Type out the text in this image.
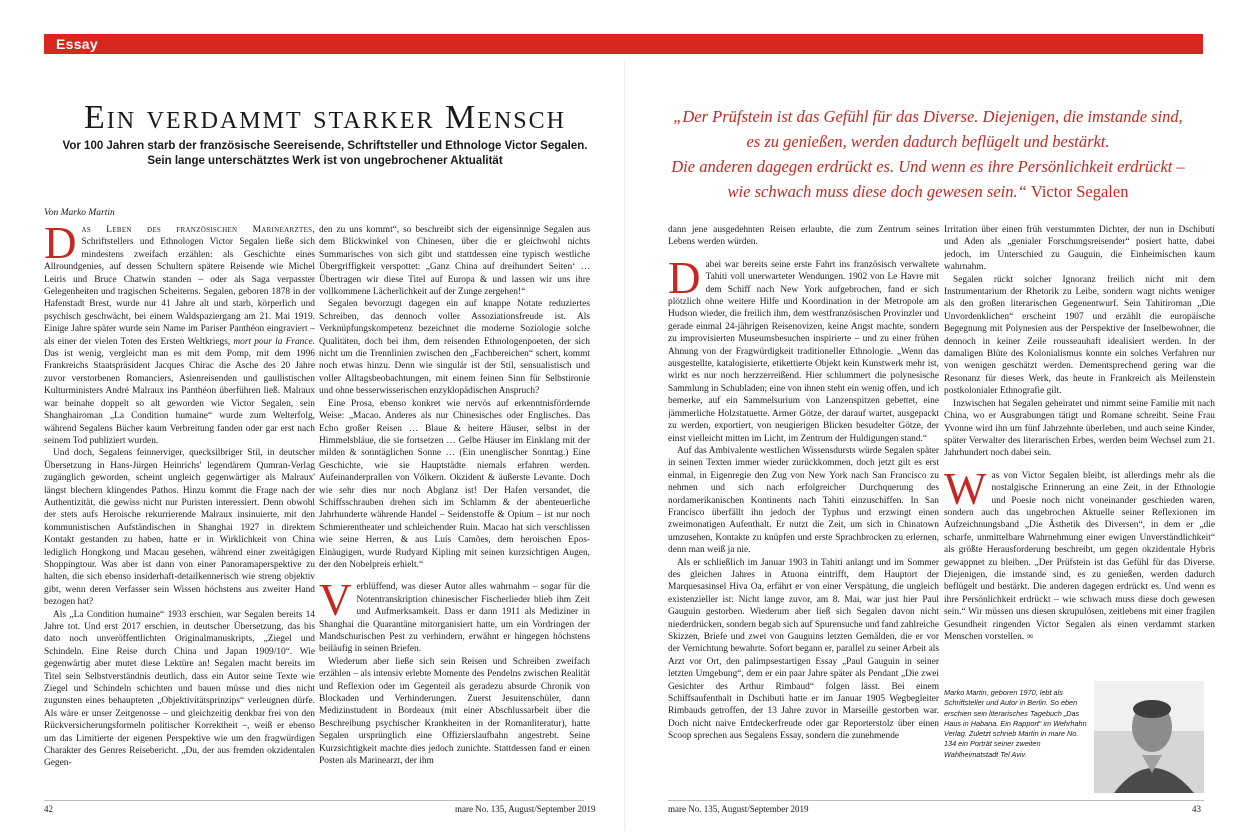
Essay
Ein verdammt starker Mensch
Vor 100 Jahren starb der französische Seereisende, Schriftsteller und Ethnologe Victor Segalen.
Sein lange unterschätztes Werk ist von ungebrochener Aktualität
„Der Prüfstein ist das Gefühl für das Diverse. Diejenigen, die imstande sind,
es zu genießen, werden dadurch beflügelt und bestärkt.
Die anderen dagegen erdrückt es. Und wenn es ihre Persönlichkeit erdrückt –
wie schwach muss diese doch gewesen sein.“ Victor Segalen
Von Marko Martin

Das Leben des französischen Marinearztes, Schriftstellers und Ethnologen Victor Segalen ließe sich mindestens zweifach erzählen: als Geschichte eines Allroundgenies, auf dessen Schultern spätere Reisende wie Michel Leiris und Bruce Chatwin standen – oder als Saga verpasster Gelegenheiten und tragischen Scheiterns. Segalen, geboren 1878 in der Hafenstadt Brest, wurde nur 41 Jahre alt und starb, körperlich und psychisch geschwächt, bei einem Waldspaziergang am 21. Mai 1919. Einige Jahre später wurde sein Name im Pariser Panthéon eingraviert – als einer der vielen Toten des Ersten Weltkriegs, mort pour la France. Das ist wenig, vergleicht man es mit dem Pomp, mit dem 1996 Frankreichs Staatspräsident Jacques Chirac die Asche des 20 Jahre zuvor verstorbenen Romanciers, Asienreisenden und gaullistischen Kulturministers André Malraux ins Panthéon überführen ließ. Malraux war beinahe doppelt so alt geworden wie Victor Segalen, sein Shanghairoman „La Condition humaine“ wurde zum Welterfolg, während Segalens Bücher kaum Verbreitung fanden oder gar erst nach seinem Tod publiziert wurden.

Und doch, Segalens feinnerviger, quecksilbriger Stil, in deutscher Übersetzung in Hans-Jürgen Heinrichs' legendärem Qumran-Verlag zugänglich geworden, scheint ungleich gegenwärtiger als Malraux' längst blechern klingendes Pathos. Hinzu kommt die Frage nach der Authentizität, die gewiss nicht nur Puristen interessiert. Denn obwohl der stets aufs Heroische rekurrierende Malraux insinuierte, mit den kommunistischen Aufständischen in Shanghai 1927 in direktem Kontakt gestanden zu haben, hatte er in Wirklichkeit von China lediglich Hongkong und Macau gesehen, während einer zweitägigen Shoppingtour. Was aber ist dann von einer Panoramaperspektive zu halten, die sich ebenso insiderhaft-detailkennerisch wie streng objektiv gibt, wenn deren Verfasser sein Wissen höchstens aus zweiter Hand bezogen hat?

Als „La Condition humaine“ 1933 erschien, war Segalen bereits 14 Jahre tot. Und erst 2017 erschien, in deutscher Übersetzung, das bis dato noch unveröffentlichten Originalmanuskripts, „Ziegel und Schindeln. Eine Reise durch China und Japan 1909/10“. Wie gegenwärtig aber mutet diese Lektüre an! Segalen macht bereits im Titel sein Selbstverständnis deutlich, dass ein Autor seine Texte wie Ziegel und Schindeln schichten und bauen müsse und dies nicht zugunsten eines behaupteten „Objektivitätsprinzips“ verleugnen dürfe. Als wäre er unser Zeitgenosse – und gleichzeitig denkbar frei von den Rückversicherungsformeln politischer Korrektheit –, weiß er ebenso um das Limitierte der eigenen Perspektive wie um den fragwürdigen Charakter des Genres Reisebericht. „Du, der aus fremden okzidentalen Gegen-

den zu uns kommt“, so beschreibt sich der eigensinnige Segalen aus dem Blickwinkel von Chinesen, über die er gleichwohl nichts Summarisches von sich gibt und stattdessen eine typisch westliche Übergriffigkeit verspottet: „Ganz China auf dreihundert Seiten‘ … Übertragen wir diese Titel auf Europa & und lassen wir uns ihre vollkommene Lächerlichkeit auf der Zunge zergehen!“

Segalen bevorzugt dagegen ein auf knappe Notate reduziertes Schreiben, das dennoch voller Assoziationsfreude ist. Als Verknüpfungskompetenz bezeichnet die moderne Soziologie solche Qualitäten, doch bei ihm, dem reisenden Ethnologenpoeten, der sich nicht um die Trennlinien zwischen den „Fachbereichen“ schert, kommt noch etwas hinzu. Denn wie singulär ist der Stil, sensualistisch und voller Alltagsbeobachtungen, mit einem feinen Sinn für Selbstironie und ohne besserwisserischen enzyklopädischen Anspruch?

Eine Prosa, ebenso konkret wie nervös auf erkenntnisfördernde Weise: „Macao. Anderes als nur Chinesisches oder Englisches. Das Echo großer Reisen … Blaue & heitere Häuser, selbst in der Himmelsbläue, die sie fortsetzen … Gelbe Häuser im Einklang mit der milden & sonntäglichen Sonne … (Ein unenglischer Sonntag.) Eine Geschichte, wie sie Hauptstädte niemals erfahren werden. Aufeinanderprallen von Völkern. Okzident & äußerste Levante. Doch wie sehr dies nur noch Abglanz ist! Der Hafen versandet, die Schiffsschrauben drehen sich im Schlamm & der abenteuerliche Jahrhunderte währende Handel – Seidenstoffe & Opium – ist nur noch Schmierentheater und schleichender Ruin. Macao hat sich verschlissen wie seine Herren, & aus Luís Camões, dem heroischen Epos-Einäugigen, wurde Rudyard Kipling mit seinen kurzsichtigen Augen, der den Nobelpreis erhielt.“

Verblüffend, was dieser Autor alles wahrnahm – sogar für die Notentranskription chinesischer Fischerlieder blieb ihm Zeit und Aufmerksamkeit. Dass er dann 1911 als Mediziner in Shanghai die Quarantäne mitorganisiert hatte, um ein Vordringen der Mandschurischen Pest zu verhindern, erwähnt er hingegen höchstens beiläufig in seinen Briefen.

Wiederum aber ließe sich sein Reisen und Schreiben zweifach erzählen – als intensiv erlebte Momente des Pendelns zwischen Realität und Reflexion oder im Gegenteil als geradezu absurde Chronik von Blockaden und Verhinderungen. Zuerst Jesuitenschüler, dann Medizinstudent in Bordeaux (mit einer Abschlussarbeit über die Beschreibung psychischer Krankheiten in der Romanliteratur), hatte Segalen ursprünglich eine Offizierslaufbahn angestrebt. Seine Kurzsichtigkeit machte dies jedoch zunichte. Stattdessen fand er einen Posten als Marinearzt, der ihm

dann jene ausgedehnten Reisen erlaubte, die zum Zentrum seines Lebens werden würden.

Dabei war bereits seine erste Fahrt ins französisch verwaltete Tahiti voll unerwarteter Wendungen. 1902 von Le Havre mit dem Schiff nach New York aufgebrochen, fand er sich plötzlich ohne weitere Hilfe und Koordination in der Metropole am Hudson wieder, die freilich ihm, dem westfranzösischen Provinzler und gerade einmal 24-jährigen Reisenovizen, keine Angst machte, sondern zu improvisierten Museumsbesuchen inspirierte – und zu einer frühen Ahnung von der Fragwürdigkeit traditioneller Ethnologie. „Wenn das ausgestellte, katalogisierte, etikettierte Objekt kein Kunstwerk mehr ist, wirkt es nur noch herzzerreißend. Hier schlummert die polynesische Sammlung in Schubladen; eine von ihnen steht ein wenig offen, und ich bemerke, auf ein Sammelsurium von Lanzenspitzen gebettet, eine jämmerliche Holzstatuette. Armer Götze, der darauf wartet, ausgepackt zu werden, exportiert, von neugierigen Blicken besudelter Götze, der einst vielleicht mitten im Licht, im Zentrum der Huldigungen stand.“

Auf das Ambivalente westlichen Wissensdursts würde Segalen später in seinen Texten immer wieder zurückkommen, doch jetzt gilt es erst einmal, in Eigenregie den Zug von New York nach San Francisco zu nehmen und sich nach erfolgreicher Durchquerung des nordamerikanischen Kontinents nach Tahiti einzuschiffen. In San Francisco überfällt ihn jedoch der Typhus und erzwingt einen zweimonatigen Aufenthalt. Er nutzt die Zeit, um sich in Chinatown umzusehen, Kontakte zu knüpfen und erste Sprachbrocken zu erlernen, denn man weiß ja nie.

Als er schließlich im Januar 1903 in Tahiti anlangt und im Sommer des gleichen Jahres in Atuona eintrifft, dem Hauptort der Marquesasinsel Hiva Oa, erfährt er von einer Verspätung, die ungleich existenzieller ist: Nicht lange zuvor, am 8. Mai, war just hier Paul Gauguin gestorben. Wiederum aber ließ sich Segalen davon nicht niederdrücken, sondern begab sich auf Spurensuche und fand zahlreiche Skizzen, Briefe und zwei von Gauguins letzten Gemälden, die er vor der Vernichtung bewahrte. Sofort begann er, parallel zu seiner Arbeit als Arzt vor Ort, den palimpsestartigen Essay „Paul Gauguin in seiner letzten Umgebung“, dem er ein paar Jahre später als Pendant „Die zwei Gesichter des Arthur Rimbaud“ folgen lässt. Bei einem Schiffsaufenthalt in Dschibuti hatte er im Januar 1905 Wegbegleiter Rimbauds getroffen, der 13 Jahre zuvor in Marseille gestorben war. Doch nicht naive Entdeckerfreude oder gar Reporterstolz über einen Scoop sprechen aus Segalens Essay, sondern die zunehmende

Irritation über einen früh verstummten Dichter, der nun in Dschibuti und Aden als „genialer Forschungsreisender“ posiert hatte, dabei jedoch, im Unterschied zu Gauguin, die Einheimischen kaum wahrnahm.

Segalen rückt solcher Ignoranz freilich nicht mit dem Instrumentarium der Rhetorik zu Leibe, sondern wagt nichts weniger als den großen literarischen Gegenentwurf. Sein Tahitiroman „Die Unvordenklichen“ erscheint 1907 und erzählt die europäische Begegnung mit Polynesien aus der Perspektive der Inselbewohner, die dennoch in keiner Zeile rousseauhaft idealisiert werden. In der damaligen Blüte des Kolonialismus konnte ein solches Verfahren nur von wenigen geschätzt werden. Dementsprechend gering war die Resonanz für dieses Werk, das heute in Frankreich als Meilenstein postkolonialer Ethnografie gilt.

Inzwischen hat Segalen geheiratet und nimmt seine Familie mit nach China, wo er Ausgrabungen tätigt und Romane schreibt. Seine Frau Yvonne wird ihn um fünf Jahrzehnte überleben, und auch seine Kinder, später Verwalter des literarischen Erbes, werden beim Wechsel zum 21. Jahrhundert noch dabei sein.

Was von Victor Segalen bleibt, ist allerdings mehr als die nostalgische Erinnerung an eine Zeit, in der Ethnologie und Poesie noch nicht voneinander geschieden waren, sondern auch das ungebrochen Aktuelle seiner Reflexionen im Aufzeichnungsband „Die Ästhetik des Diversen“, in dem er „die scharfe, unmittelbare Wahrnehmung einer ewigen Unverständlichkeit“ als größte Herausforderung beschreibt, um gegen okzidentale Hybris gewappnet zu bleiben. „Der Prüfstein ist das Gefühl für das Diverse. Diejenigen, die imstande sind, es zu genießen, werden dadurch beflügelt und bestärkt. Die anderen dagegen erdrückt es. Und wenn es ihre Persönlichkeit erdrückt – wie schwach muss diese doch gewesen sein.“ Wir müssen uns diesen skrupulösen, zeitlebens mit einer fragilen Gesundheit ringenden Victor Segalen als einen verdammt starken Menschen vorstellen. ∞

Marko Martin, geboren 1970, lebt als Schriftsteller und Autor in Berlin. So eben erschien sein literarisches Tagebuch „Das Haus in Habana. Ein Rapport“ im Wehrhahn Verlag. Zuletzt schrieb Martin in mare No. 134 ein Porträt seiner zweiten Wahlheimatstadt Tel Aviv.
42	mare No. 135, August/September 2019	mare No. 135, August/September 2019	43
